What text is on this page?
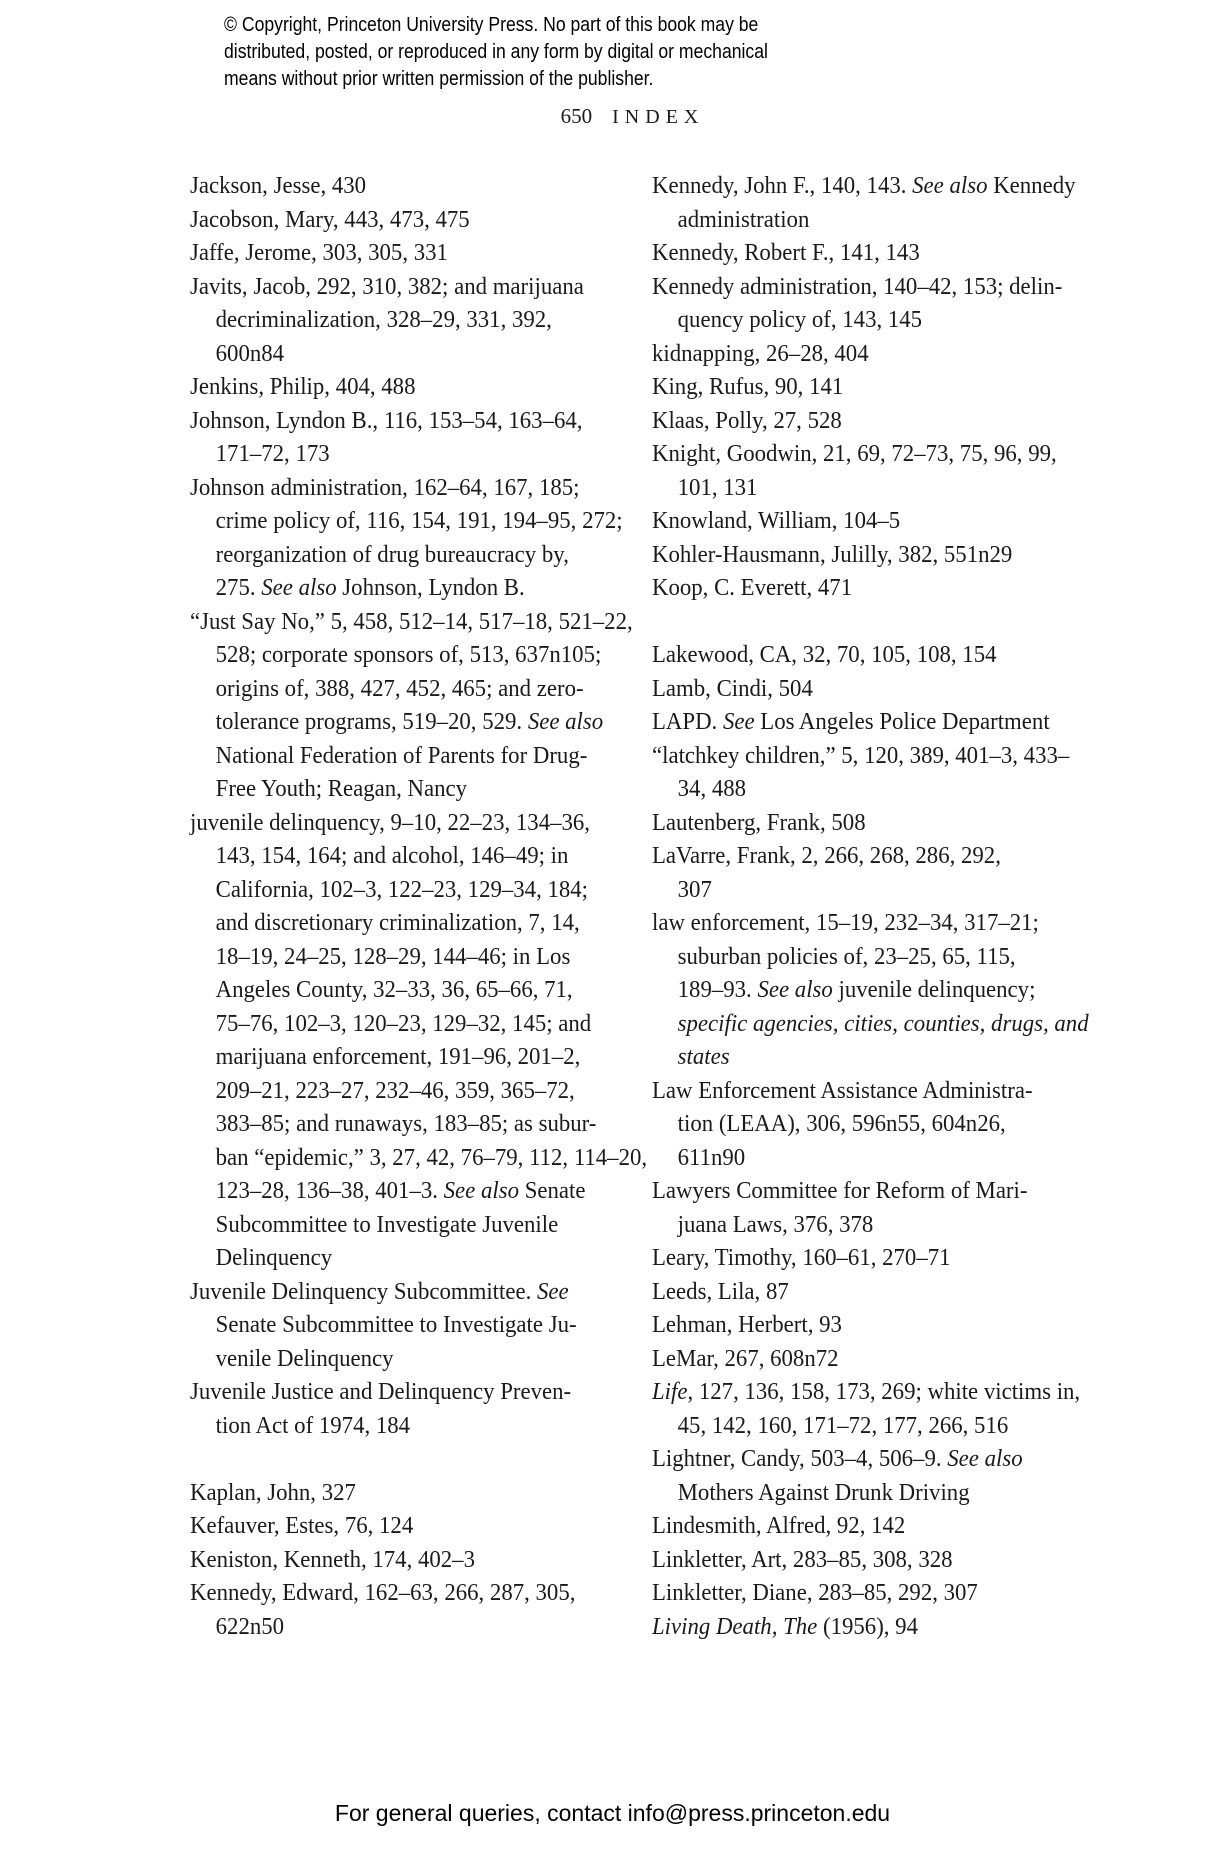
© Copyright, Princeton University Press. No part of this book may be
distributed, posted, or reproduced in any form by digital or mechanical
means without prior written permission of the publisher.
650 INDEX
Jackson, Jesse, 430
Jacobson, Mary, 443, 473, 475
Jaffe, Jerome, 303, 305, 331
Javits, Jacob, 292, 310, 382; and marijuana
decriminalization, 328–29, 331, 392,
600n84
Jenkins, Philip, 404, 488
Johnson, Lyndon B., 116, 153–54, 163–64,
171–72, 173
Johnson administration, 162–64, 167, 185;
crime policy of, 116, 154, 191, 194–95, 272;
reorganization of drug bureaucracy by,
275. See also Johnson, Lyndon B.
“Just Say No,” 5, 458, 512–14, 517–18, 521–22,
528; corporate sponsors of, 513, 637n105;
origins of, 388, 427, 452, 465; and zero-
tolerance programs, 519–20, 529. See also
National Federation of Parents for Drug-
Free Youth; Reagan, Nancy
juvenile delinquency, 9–10, 22–23, 134–36,
143, 154, 164; and alcohol, 146–49; in
California, 102–3, 122–23, 129–34, 184;
and discretionary criminalization, 7, 14,
18–19, 24–25, 128–29, 144–46; in Los
Angeles County, 32–33, 36, 65–66, 71,
75–76, 102–3, 120–23, 129–32, 145; and
marijuana enforcement, 191–96, 201–2,
209–21, 223–27, 232–46, 359, 365–72,
383–85; and runaways, 183–85; as subur-
ban “epidemic,” 3, 27, 42, 76–79, 112, 114–20,
123–28, 136–38, 401–3. See also Senate
Subcommittee to Investigate Juvenile
Delinquency
Juvenile Delinquency Subcommittee. See
Senate Subcommittee to Investigate Ju-
venile Delinquency
Juvenile Justice and Delinquency Preven-
tion Act of 1974, 184
Kaplan, John, 327
Kefauver, Estes, 76, 124
Keniston, Kenneth, 174, 402–3
Kennedy, Edward, 162–63, 266, 287, 305,
622n50
Kennedy, John F., 140, 143. See also Kennedy
administration
Kennedy, Robert F., 141, 143
Kennedy administration, 140–42, 153; delin-
quency policy of, 143, 145
kidnapping, 26–28, 404
King, Rufus, 90, 141
Klaas, Polly, 27, 528
Knight, Goodwin, 21, 69, 72–73, 75, 96, 99,
101, 131
Knowland, William, 104–5
Kohler-Hausmann, Julilly, 382, 551n29
Koop, C. Everett, 471
Lakewood, CA, 32, 70, 105, 108, 154
Lamb, Cindi, 504
LAPD. See Los Angeles Police Department
“latchkey children,” 5, 120, 389, 401–3, 433–
34, 488
Lautenberg, Frank, 508
LaVarre, Frank, 2, 266, 268, 286, 292,
307
law enforcement, 15–19, 232–34, 317–21;
suburban policies of, 23–25, 65, 115,
189–93. See also juvenile delinquency;
specific agencies, cities, counties, drugs, and
states
Law Enforcement Assistance Administra-
tion (LEAA), 306, 596n55, 604n26,
611n90
Lawyers Committee for Reform of Mari-
juana Laws, 376, 378
Leary, Timothy, 160–61, 270–71
Leeds, Lila, 87
Lehman, Herbert, 93
LeMar, 267, 608n72
Life, 127, 136, 158, 173, 269; white victims in,
45, 142, 160, 171–72, 177, 266, 516
Lightner, Candy, 503–4, 506–9. See also
Mothers Against Drunk Driving
Lindesmith, Alfred, 92, 142
Linkletter, Art, 283–85, 308, 328
Linkletter, Diane, 283–85, 292, 307
Living Death, The (1956), 94
For general queries, contact info@press.princeton.edu
